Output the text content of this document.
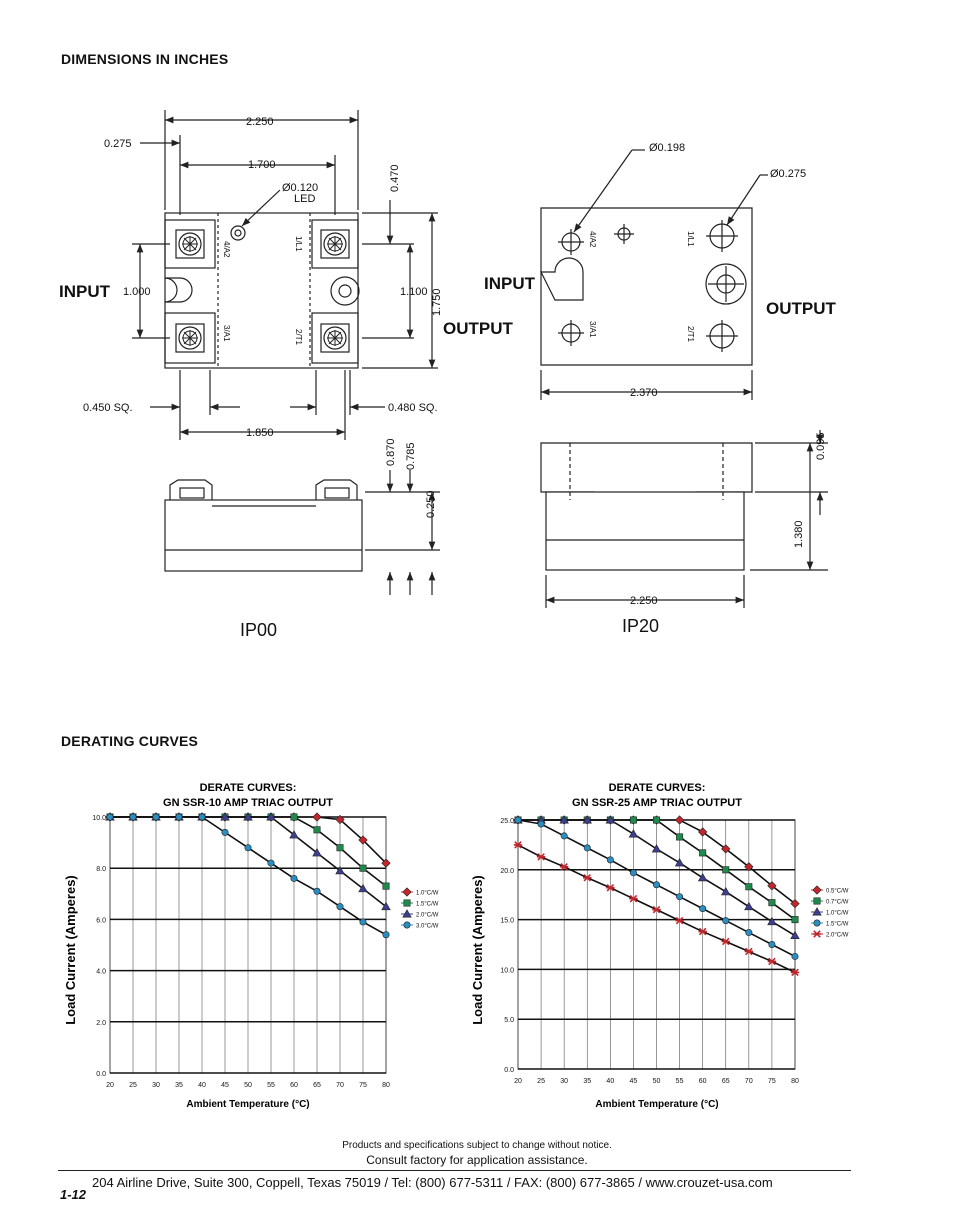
DIMENSIONS IN INCHES
DERATING CURVES
2.250
0.275
1.700
Ø0.120
LED
1.000	1.100
0.450 SQ.	0.480 SQ.
1.850
0.470
1.750
0.870 0.785
0.250
4/A2
3/A1
1/L1
2/T1
4/A2
3/A1
1/L1
2/T1
INPUT
OUTPUT
INPUT
OUTPUT
Ø0.198
Ø0.275
2.370
2.250
0.095
1.380
IP00	IP20
DERATE CURVES:
GN SSR-10 AMP TRIAC OUTPUT
Load Current (Amperes)
Ambient Temperature (°C)
20 25 30 35 40 45 50 55 60 65 70 75 80
0.0
2.0
4.0
6.0
8.0
10.0
1.0°C/W
1.5°C/W
2.0°C/W
3.0°C/W
DERATE CURVES:
GN SSR-25 AMP TRIAC OUTPUT
Load Current (Amperes)
Ambient Temperature (°C)
20 25 30 35 40 45 50 55 60 65 70 75 80
0.0
5.0
10.0
15.0
20.0
25.0
0.5°C/W
0.7°C/W
1.0°C/W
1.5°C/W
2.0°C/W
Products and specifications subject to change without notice.
Consult factory for application assistance.
204 Airline Drive, Suite 300, Coppell, Texas 75019 / Tel: (800) 677-5311 / FAX: (800) 677-3865 / www.crouzet-usa.com
1-12
